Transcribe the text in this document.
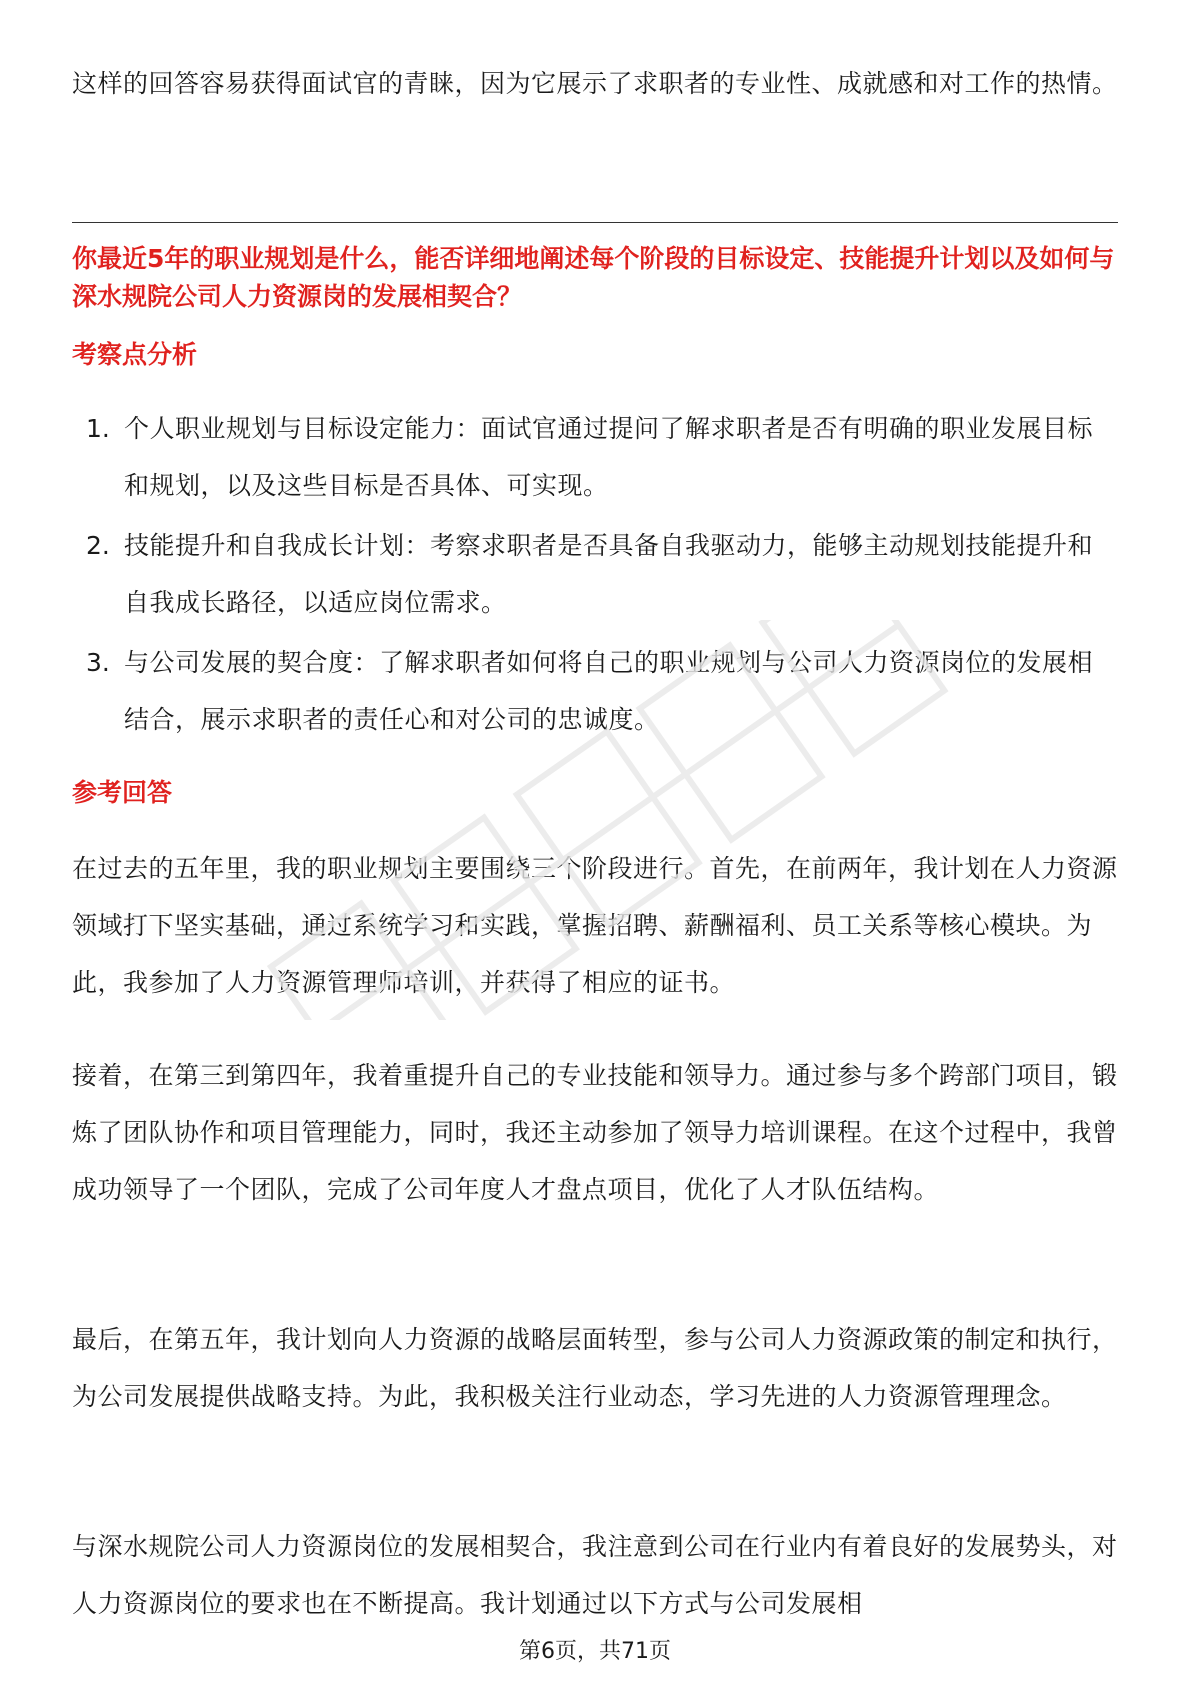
这样的回答容易获得面试官的青睐，因为它展示了求职者的专业性、成就感和对工作的热情。

你最近5年的职业规划是什么，能否详细地阐述每个阶段的目标设定、技能提升计划以及如何与深水规院公司人力资源岗的发展相契合？

考察点分析

1. 个人职业规划与目标设定能力：面试官通过提问了解求职者是否有明确的职业发展目标和规划，以及这些目标是否具体、可实现。

2. 技能提升和自我成长计划：考察求职者是否具备自我驱动力，能够主动规划技能提升和自我成长路径，以适应岗位需求。

3. 与公司发展的契合度：了解求职者如何将自己的职业规划与公司人力资源岗位的发展相结合，展示求职者的责任心和对公司的忠诚度。

参考回答

在过去的五年里，我的职业规划主要围绕三个阶段进行。首先，在前两年，我计划在人力资源领域打下坚实基础，通过系统学习和实践，掌握招聘、薪酬福利、员工关系等核心模块。为此，我参加了人力资源管理师培训，并获得了相应的证书。

接着，在第三到第四年，我着重提升自己的专业技能和领导力。通过参与多个跨部门项目，锻炼了团队协作和项目管理能力，同时，我还主动参加了领导力培训课程。在这个过程中，我曾成功领导了一个团队，完成了公司年度人才盘点项目，优化了人才队伍结构。

最后，在第五年，我计划向人力资源的战略层面转型，参与公司人力资源政策的制定和执行，为公司发展提供战略支持。为此，我积极关注行业动态，学习先进的人力资源管理理念。

与深水规院公司人力资源岗位的发展相契合，我注意到公司在行业内有着良好的发展势头，对人力资源岗位的要求也在不断提高。我计划通过以下方式与公司发展相

第6页，共71页
